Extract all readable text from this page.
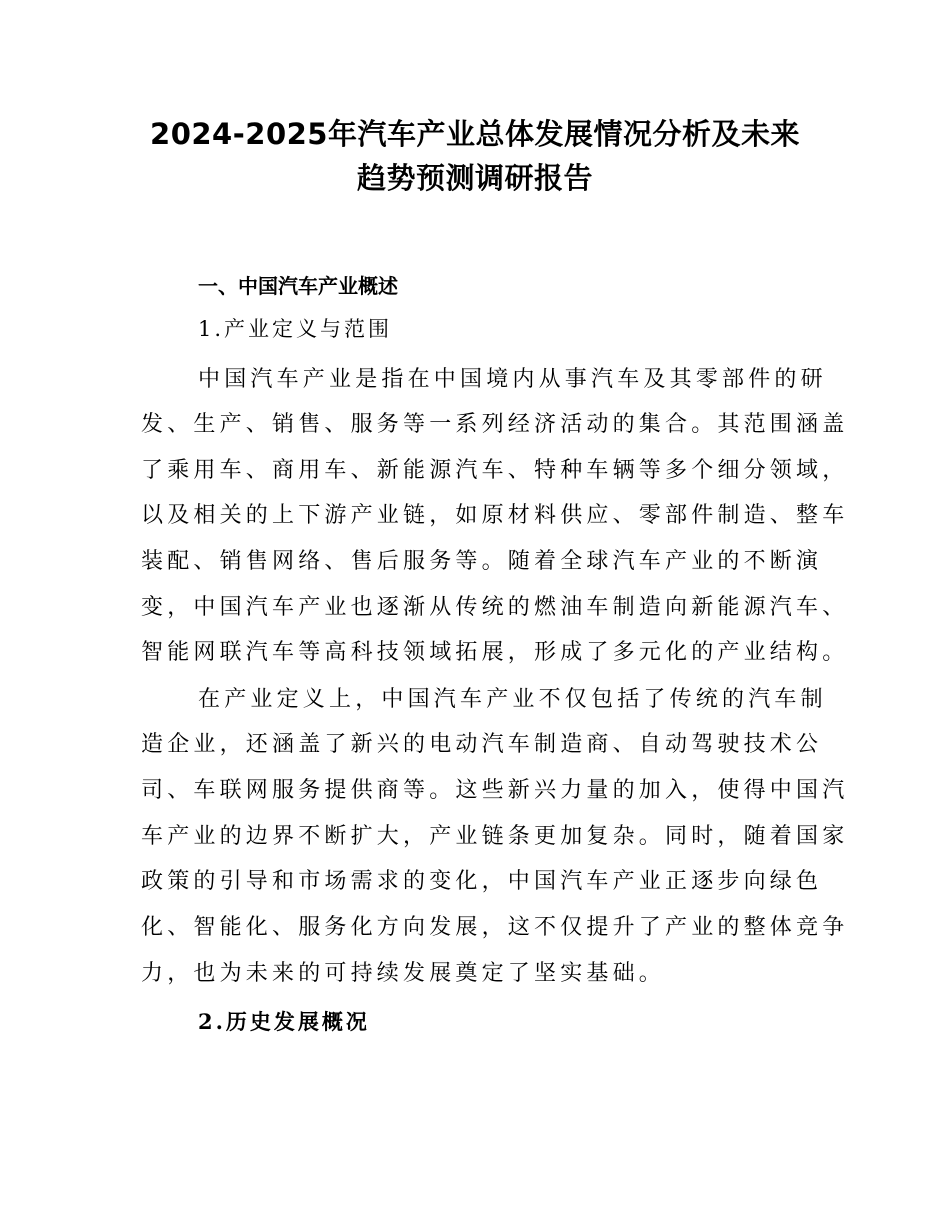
2024-2025年汽车产业总体发展情况分析及未来
趋势预测调研报告
一、中国汽车产业概述
1.产业定义与范围
中国汽车产业是指在中国境内从事汽车及其零部件的研
发、生产、销售、服务等一系列经济活动的集合。其范围涵盖
了乘用车、商用车、新能源汽车、特种车辆等多个细分领域，
以及相关的上下游产业链，如原材料供应、零部件制造、整车
装配、销售网络、售后服务等。随着全球汽车产业的不断演
变，中国汽车产业也逐渐从传统的燃油车制造向新能源汽车、
智能网联汽车等高科技领域拓展，形成了多元化的产业结构。
在产业定义上，中国汽车产业不仅包括了传统的汽车制
造企业，还涵盖了新兴的电动汽车制造商、自动驾驶技术公
司、车联网服务提供商等。这些新兴力量的加入，使得中国汽
车产业的边界不断扩大，产业链条更加复杂。同时，随着国家
政策的引导和市场需求的变化，中国汽车产业正逐步向绿色
化、智能化、服务化方向发展，这不仅提升了产业的整体竞争
力，也为未来的可持续发展奠定了坚实基础。
2.历史发展概况
